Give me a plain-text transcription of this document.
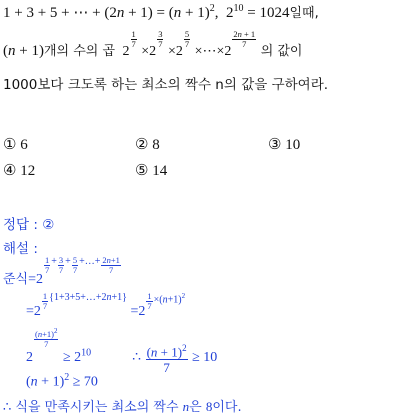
1 + 3 + 5 + ⋯ + $(2n + 1) = (n + 1)^2$,  $2^{10} = 1024$일때,
(n + 1)개의 수의 곱  2
$\frac{1}{7}$
×2
$\frac{3}{7}$
×2
$\frac{5}{7}$
×⋯×2
$\frac{2n + 1}{7}$
의 값이
1000보다 크도록 하는 최소의 짝수 n의 값을 구하여라.
① 6	② 8	③ 10
④ 12	⑤ 14
정답 : ②
해설 :
준식=2
$\frac{1}{7} + \frac{3}{7} + \frac{5}{7}$ +…+ $\frac{2n+1}{7}$
=2
$\frac{1}{7}$ {1+3+5+…+2n+1} =2
$\frac{1}{7} \times(n+1)^2$
2
$\frac{(n+1)^2}{7}$
≥ $2^{10}$	∴ $\frac{(n + 1)^2}{7} \ge 10$
$(n + 1)^2 \ge 70$
∴ 식을 만족시키는 최소의 짝수 n은 8이다.
